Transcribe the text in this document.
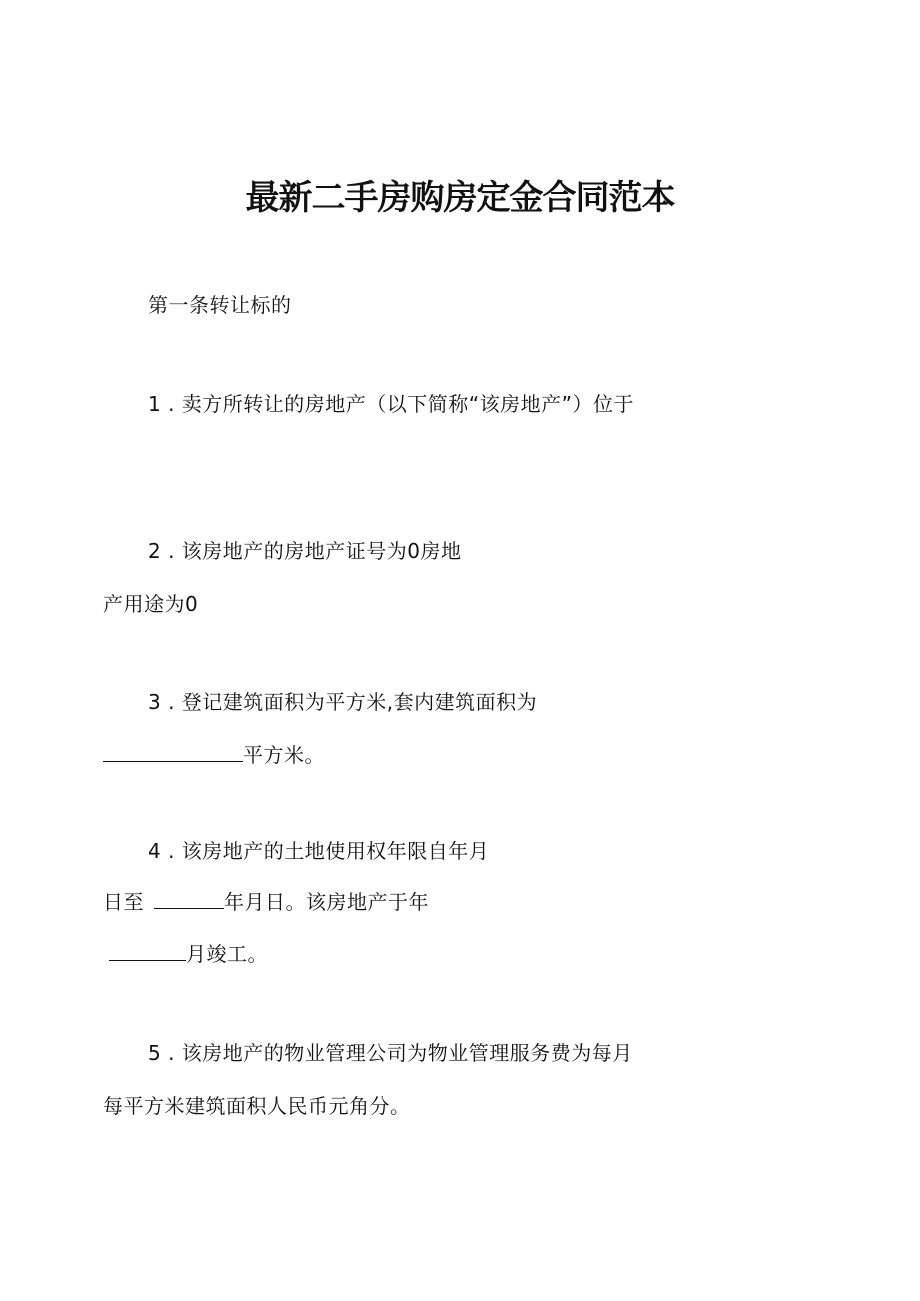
最新二手房购房定金合同范本
第一条转让标的
1 . 卖方所转让的房地产（以下简称“该房地产”）位于
2 . 该房地产的房地产证号为0房地
产用途为0
3 . 登记建筑面积为平方米,套内建筑面积为
平方米。
4 . 该房地产的土地使用权年限自年月
日至	年月日。该房地产于年
月竣工。
5 . 该房地产的物业管理公司为物业管理服务费为每月
每平方米建筑面积人民币元角分。
